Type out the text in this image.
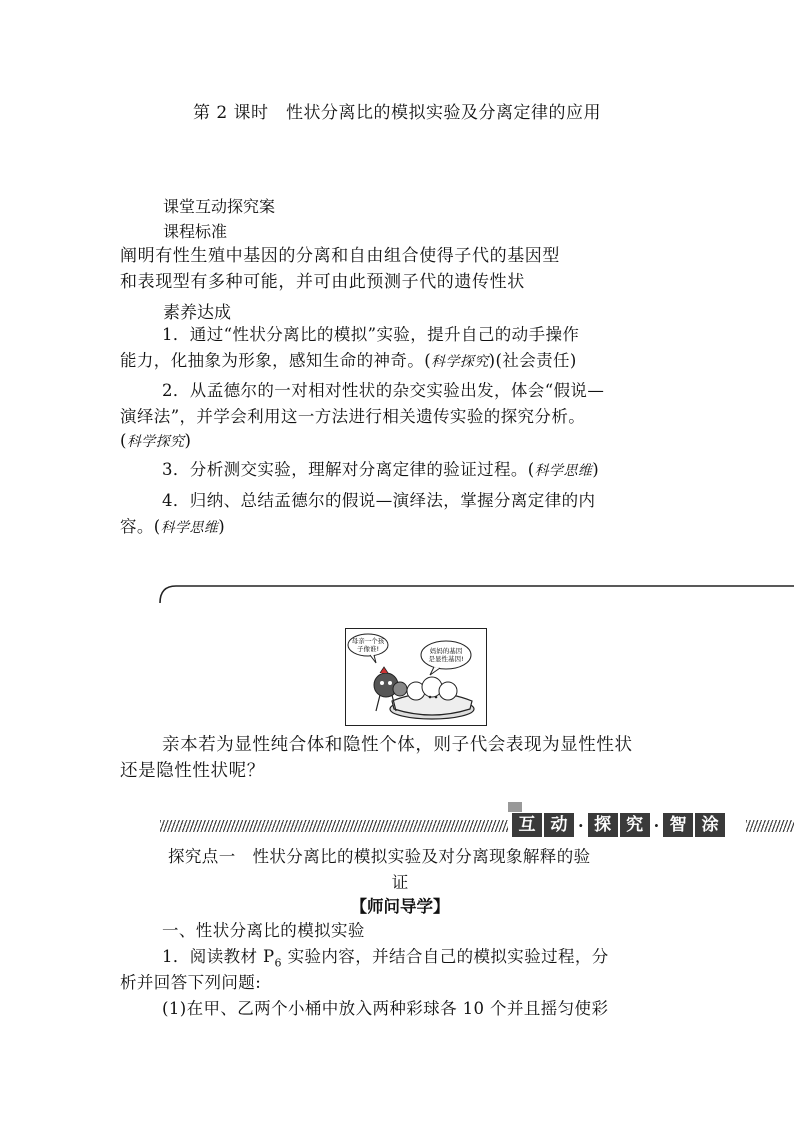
第 2 课时　性状分离比的模拟实验及分离定律的应用
课堂互动探究案
课程标准
阐明有性生殖中基因的分离和自由组合使得子代的基因型
和表现型有多种可能，并可由此预测子代的遗传性状
素养达成
1．通过“性状分离比的模拟”实验，提升自己的动手操作
能力，化抽象为形象，感知生命的神奇。(科学探究)(社会责任)
2．从孟德尔的一对相对性状的杂交实验出发，体会“假说—
演绎法”，并学会利用这一方法进行相关遗传实验的探究分析。
(科学探究)
3．分析测交实验，理解对分离定律的验证过程。(科学思维)
4．归纳、总结孟德尔的假说—演绎法，掌握分离定律的内
容。(科学思维)
母亲一个孩
子像谁!	妈妈的基因
是显性基因!
亲本若为显性纯合体和隐性个体，则子代会表现为显性性状
还是隐性性状呢？
互 动 · 探 究 · 智 涂
探究点一　性状分离比的模拟实验及对分离现象解释的验
证
【师问导学】
一、性状分离比的模拟实验
1．阅读教材 $P_6$ 实验内容，并结合自己的模拟实验过程，分
析并回答下列问题:
(1)在甲、乙两个小桶中放入两种彩球各 10 个并且摇匀使彩
